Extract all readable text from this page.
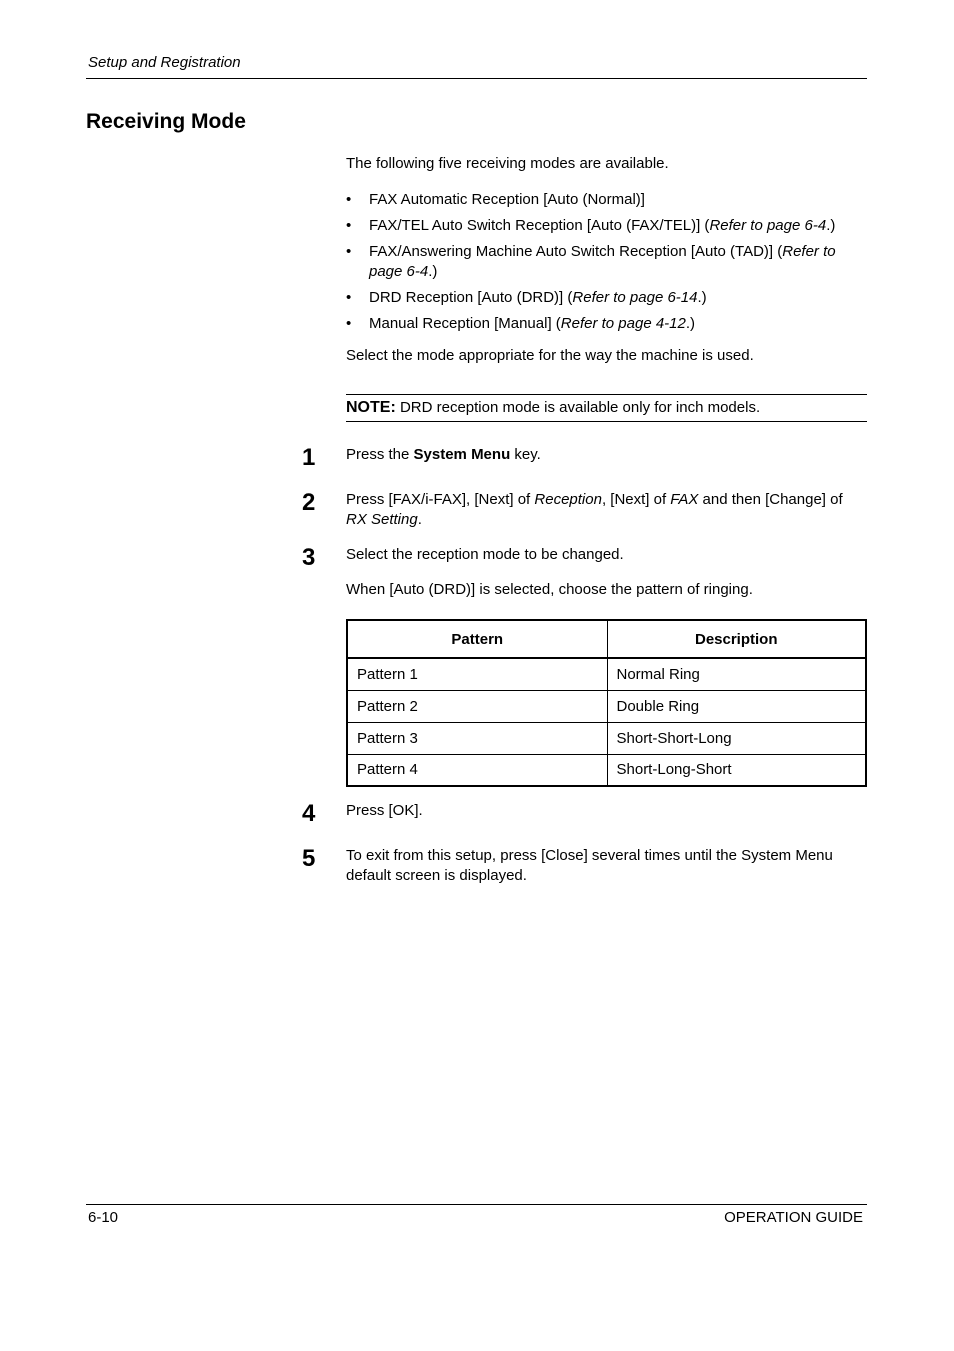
Setup and Registration
Receiving Mode
The following five receiving modes are available.
• FAX Automatic Reception [Auto (Normal)]
• FAX/TEL Auto Switch Reception [Auto (FAX/TEL)] (Refer to page 6-4.)
• FAX/Answering Machine Auto Switch Reception [Auto (TAD)] (Refer to page 6-4.)
• DRD Reception [Auto (DRD)] (Refer to page 6-14.)
• Manual Reception [Manual] (Refer to page 4-12.)
Select the mode appropriate for the way the machine is used.
NOTE: DRD reception mode is available only for inch models.
1 Press the System Menu key.
2 Press [FAX/i-FAX], [Next] of Reception, [Next] of FAX and then [Change] of RX Setting.
3 Select the reception mode to be changed.
When [Auto (DRD)] is selected, choose the pattern of ringing.
Pattern	Description
Pattern 1	Normal Ring
Pattern 2	Double Ring
Pattern 3	Short-Short-Long
Pattern 4	Short-Long-Short
4 Press [OK].
5 To exit from this setup, press [Close] several times until the System Menu default screen is displayed.
6-10	OPERATION GUIDE
